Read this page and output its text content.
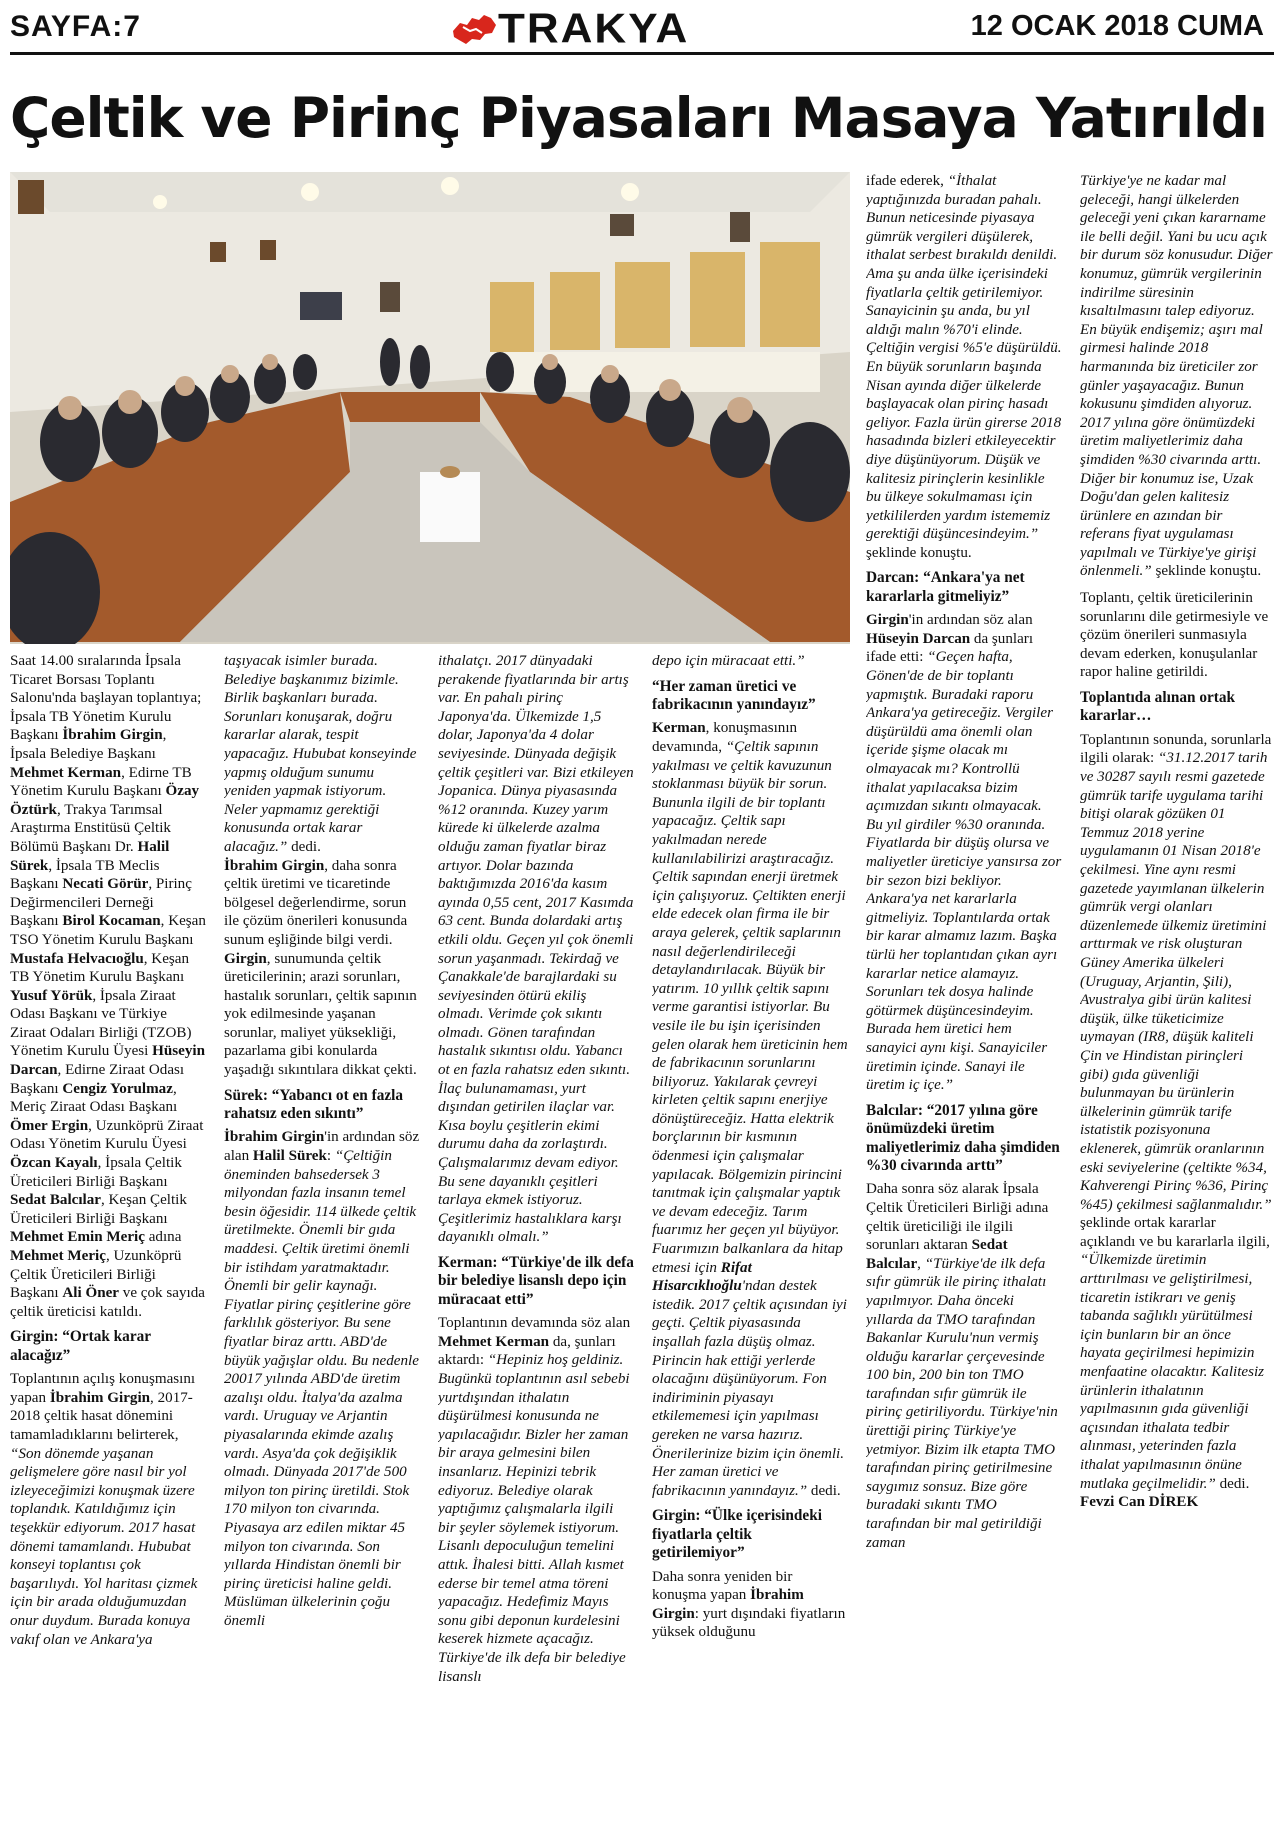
SAYFA:7	TRAKYA	12 OCAK 2018 CUMA
Çeltik ve Pirinç Piyasaları Masaya Yatırıldı

Saat 14.00 sıralarında İpsala Ticaret Borsası Toplantı Salonu'nda başlayan toplantıya; İpsala TB Yönetim Kurulu Başkanı İbrahim Girgin, İpsala Belediye Başkanı Mehmet Kerman, Edirne TB Yönetim Kurulu Başkanı Özay Öztürk, Trakya Tarımsal Araştırma Enstitüsü Çeltik Bölümü Başkanı Dr. Halil Sürek, İpsala TB Meclis Başkanı Necati Görür, Pirinç Değirmencileri Derneği Başkanı Birol Kocaman, Keşan TSO Yönetim Kurulu Başkanı Mustafa Helvacıoğlu, Keşan TB Yönetim Kurulu Başkanı Yusuf Yörük, İpsala Ziraat Odası Başkanı ve Türkiye Ziraat Odaları Birliği (TZOB) Yönetim Kurulu Üyesi Hüseyin Darcan, Edirne Ziraat Odası Başkanı Cengiz Yorulmaz, Meriç Ziraat Odası Başkanı Ömer Ergin, Uzunköprü Ziraat Odası Yönetim Kurulu Üyesi Özcan Kayalı, İpsala Çeltik Üreticileri Birliği Başkanı Sedat Balcılar, Keşan Çeltik Üreticileri Birliği Başkanı Mehmet Emin Meriç adına Mehmet Meriç, Uzunköprü Çeltik Üreticileri Birliği Başkanı Ali Öner ve çok sayıda çeltik üreticisi katıldı.

Girgin: “Ortak karar alacağız”

Toplantının açılış konuşmasını yapan İbrahim Girgin, 2017-2018 çeltik hasat dönemini tamamladıklarını belirterek, “Son dönemde yaşanan gelişmelere göre nasıl bir yol izleyeceğimizi konuşmak üzere toplandık. Katıldığımız için teşekkür ediyorum. 2017 hasat dönemi tamamlandı. Hububat konseyi toplantısı çok başarılıydı. Yol haritası çizmek için bir arada olduğumuzdan onur duydum. Burada konuya vakıf olan ve Ankara'ya

taşıyacak isimler burada. Belediye başkanımız bizimle. Birlik başkanları burada. Sorunları konuşarak, doğru kararlar alarak, tespit yapacağız. Hububat konseyinde yapmış olduğum sunumu yeniden yapmak istiyorum. Neler yapmamız gerektiği konusunda ortak karar alacağız.” dedi.

İbrahim Girgin, daha sonra çeltik üretimi ve ticaretinde bölgesel değerlendirme, sorun ile çözüm önerileri konusunda sunum eşliğinde bilgi verdi. Girgin, sunumunda çeltik üreticilerinin; arazi sorunları, hastalık sorunları, çeltik sapının yok edilmesinde yaşanan sorunlar, maliyet yüksekliği, pazarlama gibi konularda yaşadığı sıkıntılara dikkat çekti.

Sürek: “Yabancı ot en fazla rahatsız eden sıkıntı”

İbrahim Girgin'in ardından söz alan Halil Sürek: “Çeltiğin öneminden bahsedersek 3 milyondan fazla insanın temel besin öğesidir. 114 ülkede çeltik üretilmekte. Önemli bir gıda maddesi. Çeltik üretimi önemli bir istihdam yaratmaktadır. Önemli bir gelir kaynağı. Fiyatlar pirinç çeşitlerine göre farklılık gösteriyor. Bu sene fiyatlar biraz arttı. ABD'de büyük yağışlar oldu. Bu nedenle 20017 yılında ABD'de üretim azalışı oldu. İtalya'da azalma vardı. Uruguay ve Arjantin piyasalarında ekimde azalış vardı. Asya'da çok değişiklik olmadı. Dünyada 2017'de 500 milyon ton pirinç üretildi. Stok 170 milyon ton civarında. Piyasaya arz edilen miktar 45 milyon ton civarında. Son yıllarda Hindistan önemli bir pirinç üreticisi haline geldi. Müslüman ülkelerinin çoğu önemli

ithalatçı. 2017 dünyadaki perakende fiyatlarında bir artış var. En pahalı pirinç Japonya'da. Ülkemizde 1,5 dolar, Japonya'da 4 dolar seviyesinde. Dünyada değişik çeltik çeşitleri var. Bizi etkileyen Jopanica. Dünya piyasasında %12 oranında. Kuzey yarım kürede ki ülkelerde azalma olduğu zaman fiyatlar biraz artıyor. Dolar bazında baktığımızda 2016'da kasım ayında 0,55 cent, 2017 Kasımda 63 cent. Bunda dolardaki artış etkili oldu. Geçen yıl çok önemli sorun yaşanmadı. Tekirdağ ve Çanakkale'de barajlardaki su seviyesinden ötürü ekiliş olmadı. Verimde çok sıkıntı olmadı. Gönen tarafından hastalık sıkıntısı oldu. Yabancı ot en fazla rahatsız eden sıkıntı. İlaç bulunamaması, yurt dışından getirilen ilaçlar var. Kısa boylu çeşitlerin ekimi durumu daha da zorlaştırdı. Çalışmalarımız devam ediyor. Bu sene dayanıklı çeşitleri tarlaya ekmek istiyoruz. Çeşitlerimiz hastalıklara karşı dayanıklı olmalı.”

Kerman: “Türkiye'de ilk defa bir belediye lisanslı depo için müracaat etti”

Toplantının devamında söz alan Mehmet Kerman da, şunları aktardı: “Hepiniz hoş geldiniz. Bugünkü toplantının asıl sebebi yurtdışından ithalatın düşürülmesi konusunda ne yapılacağıdır. Bizler her zaman bir araya gelmesini bilen insanlarız. Hepinizi tebrik ediyoruz. Belediye olarak yaptığımız çalışmalarla ilgili bir şeyler söylemek istiyorum. Lisanlı depoculuğun temelini attık. İhalesi bitti. Allah kısmet ederse bir temel atma töreni yapacağız. Hedefimiz Mayıs sonu gibi deponun kurdelesini keserek hizmete açacağız. Türkiye'de ilk defa bir belediye lisanslı

depo için müracaat etti.”

“Her zaman üretici ve fabrikacının yanındayız”

Kerman, konuşmasının devamında, “Çeltik sapının yakılması ve çeltik kavuzunun stoklanması büyük bir sorun. Bununla ilgili de bir toplantı yapacağız. Çeltik sapı yakılmadan nerede kullanılabilirizi araştıracağız. Çeltik sapından enerji üretmek için çalışıyoruz. Çeltikten enerji elde edecek olan firma ile bir araya gelerek, çeltik saplarının nasıl değerlendirileceği detaylandırılacak. Büyük bir yatırım. 10 yıllık çeltik sapını verme garantisi istiyorlar. Bu vesile ile bu işin içerisinden gelen olarak hem üreticinin hem de fabrikacının sorunlarını biliyoruz. Yakılarak çevreyi kirleten çeltik sapını enerjiye dönüştüreceğiz. Hatta elektrik borçlarının bir kısmının ödenmesi için çalışmalar yapılacak. Bölgemizin pirincini tanıtmak için çalışmalar yaptık ve devam edeceğiz. Tarım fuarımız her geçen yıl büyüyor. Fuarımızın balkanlara da hitap etmesi için Rifat Hisarcıklıoğlu'ndan destek istedik. 2017 çeltik açısından iyi geçti. Çeltik piyasasında inşallah fazla düşüş olmaz. Pirincin hak ettiği yerlerde olacağını düşünüyorum. Fon indiriminin piyasayı etkilememesi için yapılması gereken ne varsa hazırız. Önerilerinize bizim için önemli. Her zaman üretici ve fabrikacının yanındayız.” dedi.

Girgin: “Ülke içerisindeki fiyatlarla çeltik getirilemiyor”

Daha sonra yeniden bir konuşma yapan İbrahim Girgin: yurt dışındaki fiyatların yüksek olduğunu

ifade ederek, “İthalat yaptığınızda buradan pahalı. Bunun neticesinde piyasaya gümrük vergileri düşülerek, ithalat serbest bırakıldı denildi. Ama şu anda ülke içerisindeki fiyatlarla çeltik getirilemiyor. Sanayicinin şu anda, bu yıl aldığı malın %70'i elinde. Çeltiğin vergisi %5'e düşürüldü. En büyük sorunların başında Nisan ayında diğer ülkelerde başlayacak olan pirinç hasadı geliyor. Fazla ürün girerse 2018 hasadında bizleri etkileyecektir diye düşünüyorum. Düşük ve kalitesiz pirinçlerin kesinlikle bu ülkeye sokulmaması için yetkililerden yardım istememiz gerektiği düşüncesindeyim.” şeklinde konuştu.

Darcan: “Ankara'ya net kararlarla gitmeliyiz”

Girgin'in ardından söz alan Hüseyin Darcan da şunları ifade etti: “Geçen hafta, Gönen'de de bir toplantı yapmıştık. Buradaki raporu Ankara'ya getireceğiz. Vergiler düşürüldü ama önemli olan içeride şişme olacak mı olmayacak mı? Kontrollü ithalat yapılacaksa bizim açımızdan sıkıntı olmayacak. Bu yıl girdiler %30 oranında. Fiyatlarda bir düşüş olursa ve maliyetler üreticiye yansırsa zor bir sezon bizi bekliyor. Ankara'ya net kararlarla gitmeliyiz. Toplantılarda ortak bir karar almamız lazım. Başka türlü her toplantıdan çıkan ayrı kararlar netice alamayız. Sorunları tek dosya halinde götürmek düşüncesindeyim. Burada hem üretici hem sanayici aynı kişi. Sanayiciler üretimin içinde. Sanayi ile üretim iç içe.”

Balcılar: “2017 yılına göre önümüzdeki üretim maliyetlerimiz daha şimdiden %30 civarında arttı”

Daha sonra söz alarak İpsala Çeltik Üreticileri Birliği adına çeltik üreticiliği ile ilgili sorunları aktaran Sedat Balcılar, “Türkiye'de ilk defa sıfır gümrük ile pirinç ithalatı yapılmıyor. Daha önceki yıllarda da TMO tarafından Bakanlar Kurulu'nun vermiş olduğu kararlar çerçevesinde 100 bin, 200 bin ton TMO tarafından sıfır gümrük ile pirinç getiriliyordu. Türkiye'nin ürettiği pirinç Türkiye'ye yetmiyor. Bizim ilk etapta TMO tarafından pirinç getirilmesine saygımız sonsuz. Bize göre buradaki sıkıntı TMO tarafından bir mal getirildiği zaman

Türkiye'ye ne kadar mal geleceği, hangi ülkelerden geleceği yeni çıkan kararname ile belli değil. Yani bu ucu açık bir durum söz konusudur. Diğer konumuz, gümrük vergilerinin indirilme süresinin kısaltılmasını talep ediyoruz. En büyük endişemiz; aşırı mal girmesi halinde 2018 harmanında biz üreticiler zor günler yaşayacağız. Bunun kokusunu şimdiden alıyoruz. 2017 yılına göre önümüzdeki üretim maliyetlerimiz daha şimdiden %30 civarında arttı. Diğer bir konumuz ise, Uzak Doğu'dan gelen kalitesiz ürünlere en azından bir referans fiyat uygulaması yapılmalı ve Türkiye'ye girişi önlenmeli.” şeklinde konuştu.

Toplantı, çeltik üreticilerinin sorunlarını dile getirmesiyle ve çözüm önerileri sunmasıyla devam ederken, konuşulanlar rapor haline getirildi.

Toplantıda alınan ortak kararlar…

Toplantının sonunda, sorunlarla ilgili olarak: “31.12.2017 tarih ve 30287 sayılı resmi gazetede gümrük tarife uygulama tarihi bitişi olarak gözüken 01 Temmuz 2018 yerine uygulamanın 01 Nisan 2018'e çekilmesi. Yine aynı resmi gazetede yayımlanan ülkelerin gümrük vergi olanları düzenlemede ülkemiz üretimini arttırmak ve risk oluşturan Güney Amerika ülkeleri (Uruguay, Arjantin, Şili), Avustralya gibi ürün kalitesi düşük, ülke tüketicimize uymayan (IR8, düşük kaliteli Çin ve Hindistan pirinçleri gibi) gıda güvenliği bulunmayan bu ürünlerin ülkelerinin gümrük tarife istatistik pozisyonuna eklenerek, gümrük oranlarının eski seviyelerine (çeltikte %34, Kahverengi Pirinç %36, Pirinç %45) çekilmesi sağlanmalıdır.” şeklinde ortak kararlar açıklandı ve bu kararlarla ilgili, “Ülkemizde üretimin arttırılması ve geliştirilmesi, ticaretin istikrarı ve geniş tabanda sağlıklı yürütülmesi için bunların bir an önce hayata geçirilmesi hepimizin menfaatine olacaktır. Kalitesiz ürünlerin ithalatının yapılmasının gıda güvenliği açısından ithalata tedbir alınması, yeterinden fazla ithalat yapılmasının önüne mutlaka geçilmelidir.” dedi.

Fevzi Can DİREK
